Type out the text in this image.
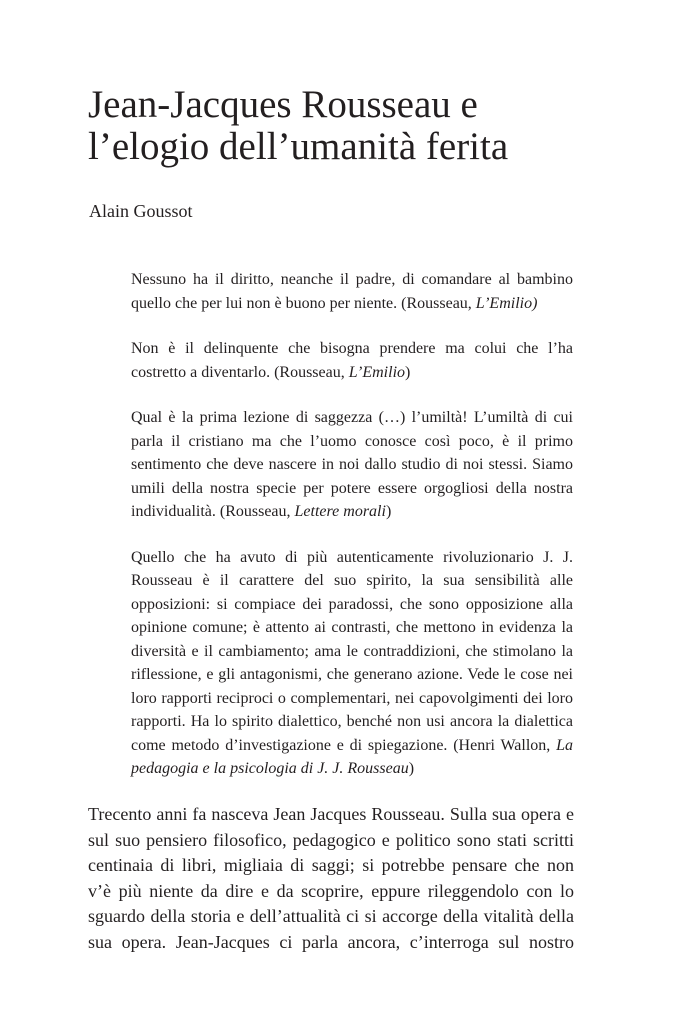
Jean-Jacques Rousseau e
l’elogio dell’umanità ferita

Alain Goussot

Nessuno ha il diritto, neanche il padre, di comandare al bambino quello che per lui non è buono per niente. (Rousseau, L’Emilio)

Non è il delinquente che bisogna prendere ma colui che l’ha costretto a diventarlo. (Rousseau, L’Emilio)

Qual è la prima lezione di saggezza (…) l’umiltà! L’umiltà di cui parla il cristiano ma che l’uomo conosce così poco, è il primo sentimento che deve nascere in noi dallo studio di noi stessi. Siamo umili della nostra specie per potere essere orgogliosi della nostra individualità. (Rousseau, Lettere morali)

Quello che ha avuto di più autenticamente rivoluzionario J. J. Rousseau è il carattere del suo spirito, la sua sensibilità alle opposizioni: si compiace dei paradossi, che sono opposizione alla opinione comune; è attento ai contrasti, che mettono in evidenza la diversità e il cambiamento; ama le contraddizioni, che stimolano la riflessione, e gli antagonismi, che generano azione. Vede le cose nei loro rapporti reciproci o complementari, nei capovolgimenti dei loro rapporti. Ha lo spirito dialettico, benché non usi ancora la dialettica come metodo d’investigazione e di spiegazione. (Henri Wallon, La pedagogia e la psicologia di J. J. Rousseau)

Trecento anni fa nasceva Jean Jacques Rousseau. Sulla sua opera e
sul suo pensiero filosofico, pedagogico e politico sono stati scritti
centinaia di libri, migliaia di saggi; si potrebbe pensare che non
v’è più niente da dire e da scoprire, eppure rileggendolo con lo
sguardo della storia e dell’attualità ci si accorge della vitalità della
sua opera. Jean-Jacques ci parla ancora, c’interroga sul nostro
